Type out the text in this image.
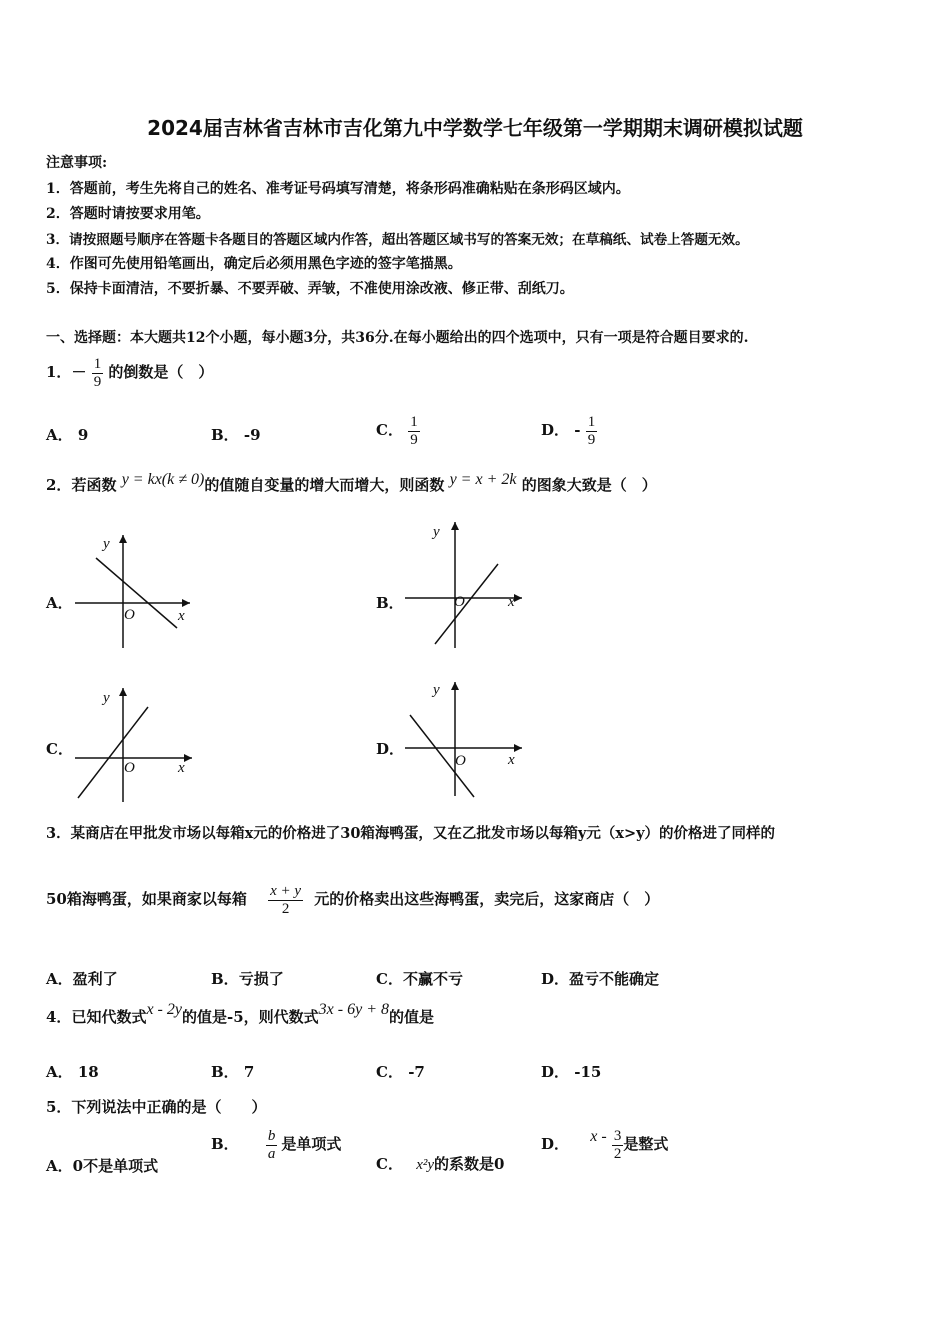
2024届吉林省吉林市吉化第九中学数学七年级第一学期期末调研模拟试题
注意事项:
1．答题前，考生先将自己的姓名、准考证号码填写清楚，将条形码准确粘贴在条形码区域内。
2．答题时请按要求用笔。
3．请按照题号顺序在答题卡各题目的答题区域内作答，超出答题区域书写的答案无效；在草稿纸、试卷上答题无效。
4．作图可先使用铅笔画出，确定后必须用黑色字迹的签字笔描黑。
5．保持卡面清洁，不要折暴、不要弄破、弄皱，不准使用涂改液、修正带、刮纸刀。
一、选择题：本大题共12个小题，每小题3分，共36分.在每小题给出的四个选项中，只有一项是符合题目要求的.
1．－ $\frac{1}{9}$ 的倒数是（　）
A． 9	B． -9	C． $\frac{1}{9}$	D． - $\frac{1}{9}$
2．若函数 y = kx(k ≠ 0)的值随自变量的增大而增大，则函数 y = x + 2k 的图象大致是（　）
A．	B．
C．	D．
y
x
O
y
x
O
y
x
O
y
x
O
3．某商店在甲批发市场以每箱x元的价格进了30箱海鸭蛋，又在乙批发市场以每箱y元（x>y）的价格进了同样的
50箱海鸭蛋，如果商家以每箱 $\frac{x + y}{2}$ 元的价格卖出这些海鸭蛋，卖完后，这家商店（　）
A．盈利了	B．亏损了	C．不赢不亏	D．盈亏不能确定
4．已知代数式x - 2y的值是-5，则代数式3x - 6y + 8的值是
A． 18	B． 7	C． -7	D． -15
5．下列说法中正确的是（　　）
A．0不是单项式
B． $\frac{b}{a}$ 是单项式
C． x²y的系数是0
D． x - $\frac{3}{2}$ 是整式
